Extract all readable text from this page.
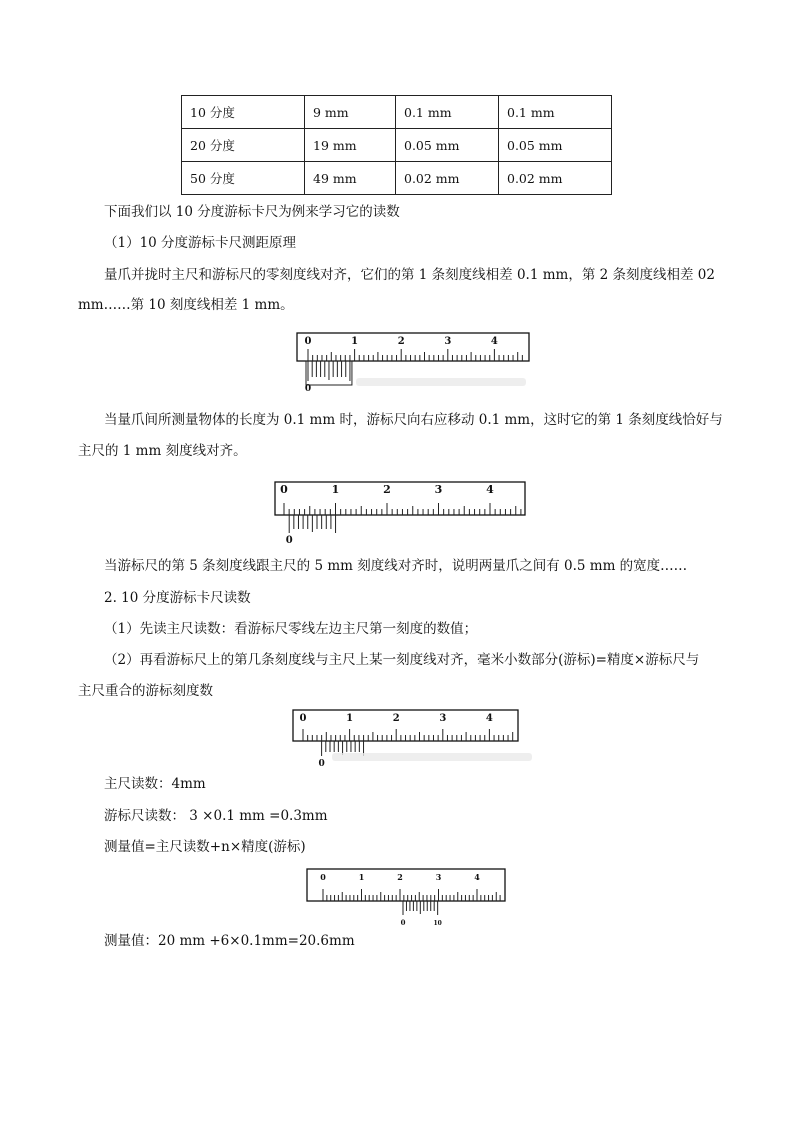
10 分度	9 mm	0.1 mm	0.1 mm
20 分度	19 mm	0.05 mm	0.05 mm
50 分度	49 mm	0.02 mm	0.02 mm
下面我们以 10 分度游标卡尺为例来学习它的读数
（1）10 分度游标卡尺测距原理
量爪并拢时主尺和游标尺的零刻度线对齐，它们的第 1 条刻度线相差 0.1 mm，第 2 条刻度线相差 02
mm……第 10 刻度线相差 1 mm。
0	1	2	3	4
0
当量爪间所测量物体的长度为 0.1 mm 时，游标尺向右应移动 0.1 mm，这时它的第 1 条刻度线恰好与
主尺的 1 mm 刻度线对齐。
0	1	2	3	4
0
当游标尺的第 5 条刻度线跟主尺的 5 mm 刻度线对齐时，说明两量爪之间有 0.5 mm 的宽度……
2. 10 分度游标卡尺读数
（1）先读主尺读数：看游标尺零线左边主尺第一刻度的数值；
（2）再看游标尺上的第几条刻度线与主尺上某一刻度线对齐，毫米小数部分(游标)=精度×游标尺与
主尺重合的游标刻度数
0	1	2	3	4
0
主尺读数：4mm
游标尺读数： 3 ×0.1 mm =0.3mm
测量值=主尺读数+n×精度(游标)
0	1	2	3	4
0	10
测量值：20 mm +6×0.1mm=20.6mm
